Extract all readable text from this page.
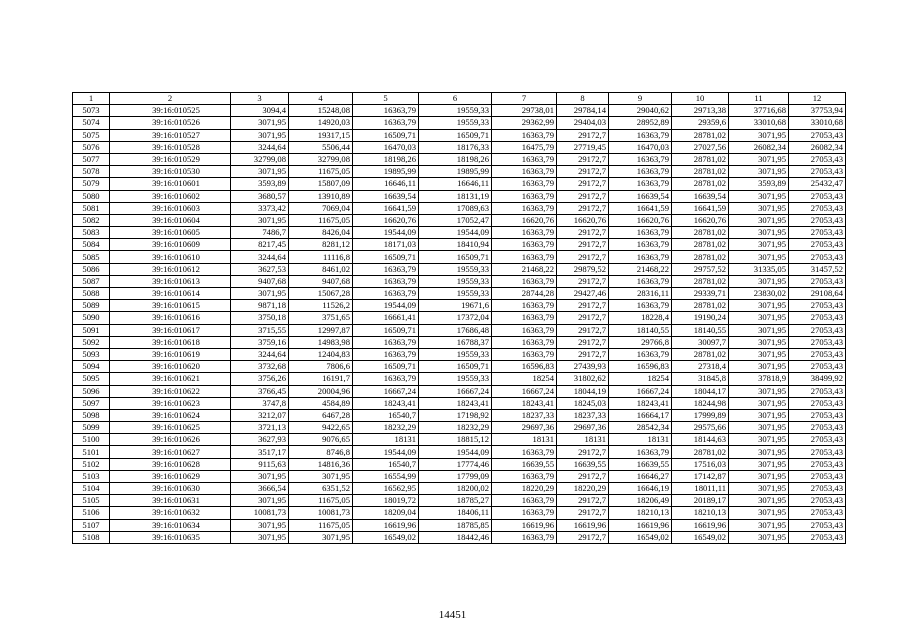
1	2	3	4	5	6	7	8	9	10	11	12
5073	39:16:010525	3094,4	15248,08	16363,79	19559,33	29738,01	29784,14	29040,62	29713,38	37716,68	37753,94
5074	39:16:010526	3071,95	14920,03	16363,79	19559,33	29362,99	29404,03	28952,89	29359,6	33010,68	33010,68
5075	39:16:010527	3071,95	19317,15	16509,71	16509,71	16363,79	29172,7	16363,79	28781,02	3071,95	27053,43
5076	39:16:010528	3244,64	5506,44	16470,03	18176,33	16475,79	27719,45	16470,03	27027,56	26082,34	26082,34
5077	39:16:010529	32799,08	32799,08	18198,26	18198,26	16363,79	29172,7	16363,79	28781,02	3071,95	27053,43
5078	39:16:010530	3071,95	11675,05	19895,99	19895,99	16363,79	29172,7	16363,79	28781,02	3071,95	27053,43
5079	39:16:010601	3593,89	15807,09	16646,11	16646,11	16363,79	29172,7	16363,79	28781,02	3593,89	25432,47
5080	39:16:010602	3680,57	13910,89	16639,54	18131,19	16363,79	29172,7	16639,54	16639,54	3071,95	27053,43
5081	39:16:010603	3373,42	7069,04	16641,59	17089,63	16363,79	29172,7	16641,59	16641,59	3071,95	27053,43
5082	39:16:010604	3071,95	11675,05	16620,76	17052,47	16620,76	16620,76	16620,76	16620,76	3071,95	27053,43
5083	39:16:010605	7486,7	8426,04	19544,09	19544,09	16363,79	29172,7	16363,79	28781,02	3071,95	27053,43
5084	39:16:010609	8217,45	8281,12	18171,03	18410,94	16363,79	29172,7	16363,79	28781,02	3071,95	27053,43
5085	39:16:010610	3244,64	11116,8	16509,71	16509,71	16363,79	29172,7	16363,79	28781,02	3071,95	27053,43
5086	39:16:010612	3627,53	8461,02	16363,79	19559,33	21468,22	29879,52	21468,22	29757,52	31335,05	31457,52
5087	39:16:010613	9407,68	9407,68	16363,79	19559,33	16363,79	29172,7	16363,79	28781,02	3071,95	27053,43
5088	39:16:010614	3071,95	15067,28	16363,79	19559,33	28744,28	29427,46	28316,11	29339,71	23830,02	29108,64
5089	39:16:010615	9871,18	11526,2	19544,09	19671,6	16363,79	29172,7	16363,79	28781,02	3071,95	27053,43
5090	39:16:010616	3750,18	3751,65	16661,41	17372,04	16363,79	29172,7	18228,4	19190,24	3071,95	27053,43
5091	39:16:010617	3715,55	12997,87	16509,71	17686,48	16363,79	29172,7	18140,55	18140,55	3071,95	27053,43
5092	39:16:010618	3759,16	14983,98	16363,79	16788,37	16363,79	29172,7	29766,8	30097,7	3071,95	27053,43
5093	39:16:010619	3244,64	12404,83	16363,79	19559,33	16363,79	29172,7	16363,79	28781,02	3071,95	27053,43
5094	39:16:010620	3732,68	7806,6	16509,71	16509,71	16596,83	27439,93	16596,83	27318,4	3071,95	27053,43
5095	39:16:010621	3756,26	16191,7	16363,79	19559,33	18254	31802,62	18254	31845,8	37818,9	38499,92
5096	39:16:010622	3766,45	20004,96	16667,24	16667,24	16667,24	18044,19	16667,24	18044,17	3071,95	27053,43
5097	39:16:010623	3747,8	4584,89	18243,41	18243,41	18243,41	18245,03	18243,41	18244,98	3071,95	27053,43
5098	39:16:010624	3212,07	6467,28	16540,7	17198,92	18237,33	18237,33	16664,17	17999,89	3071,95	27053,43
5099	39:16:010625	3721,13	9422,65	18232,29	18232,29	29697,36	29697,36	28542,34	29575,66	3071,95	27053,43
5100	39:16:010626	3627,93	9076,65	18131	18815,12	18131	18131	18131	18144,63	3071,95	27053,43
5101	39:16:010627	3517,17	8746,8	19544,09	19544,09	16363,79	29172,7	16363,79	28781,02	3071,95	27053,43
5102	39:16:010628	9115,63	14816,36	16540,7	17774,46	16639,55	16639,55	16639,55	17516,03	3071,95	27053,43
5103	39:16:010629	3071,95	3071,95	16554,99	17799,09	16363,79	29172,7	16646,27	17142,87	3071,95	27053,43
5104	39:16:010630	3666,54	6351,52	16562,95	18200,02	18220,29	18220,29	16646,19	18011,11	3071,95	27053,43
5105	39:16:010631	3071,95	11675,05	18019,72	18785,27	16363,79	29172,7	18206,49	20189,17	3071,95	27053,43
5106	39:16:010632	10081,73	10081,73	18209,04	18406,11	16363,79	29172,7	18210,13	18210,13	3071,95	27053,43
5107	39:16:010634	3071,95	11675,05	16619,96	18785,85	16619,96	16619,96	16619,96	16619,96	3071,95	27053,43
5108	39:16:010635	3071,95	3071,95	16549,02	18442,46	16363,79	29172,7	16549,02	16549,02	3071,95	27053,43
14451
